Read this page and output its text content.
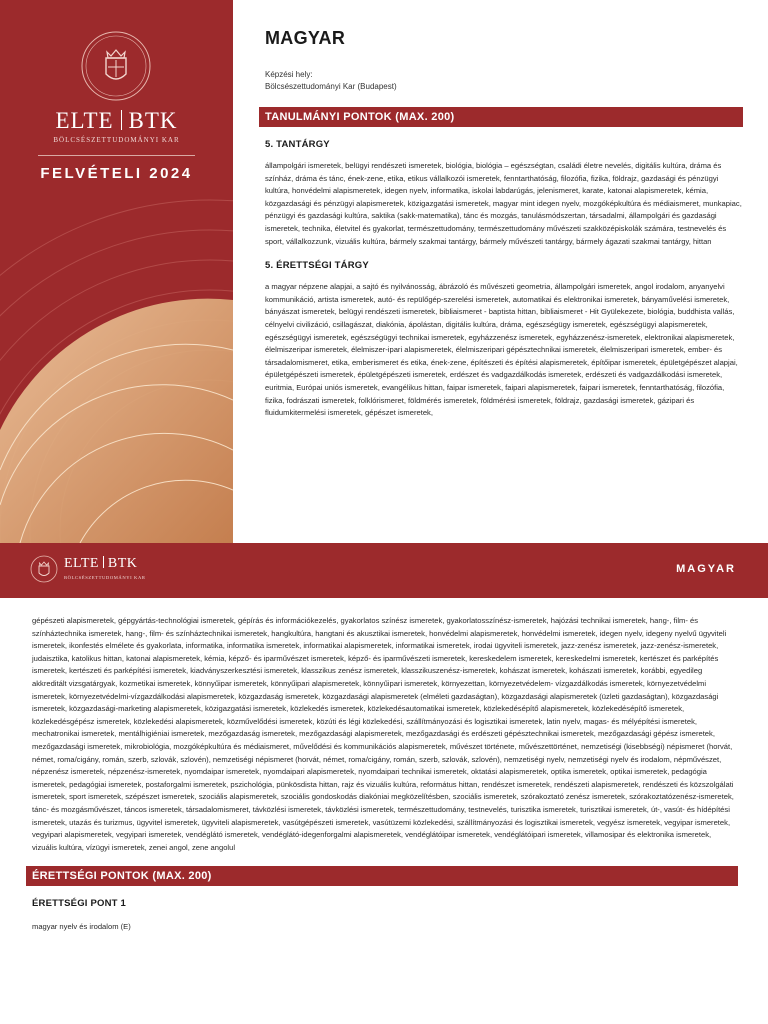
ELTE BTK
BÖLCSÉSZETTUDOMÁNYI KAR
FELVÉTELI 2024
MAGYAR
Képzési hely:
Bölcsészettudományi Kar (Budapest)
TANULMÁNYI PONTOK (MAX. 200)
5. TANTÁRGY

állampolgári ismeretek, belügyi rendészeti ismeretek, biológia, biológia – egészségtan, családi életre nevelés, digitális kultúra, dráma és színház, dráma és tánc, ének-zene, etika, etikus vállalkozói ismeretek, fenntarthatóság, filozófia, fizika, földrajz, gazdasági és pénzügyi kultúra, honvédelmi alapismeretek, idegen nyelv, informatika, iskolai labdarúgás, jelenismeret, karate, katonai alapismeretek, kémia, közgazdasági és pénzügyi alapismeretek, közigazgatási ismeretek, magyar mint idegen nyelv, mozgóképkultúra és médiaismeret, munkapiac, pénzügyi és gazdasági kultúra, saktika (sakk-matematika), tánc és mozgás, tanulásmódszertan, társadalmi, állampolgári és gazdasági ismeretek, technika, életvitel és gyakorlat, természettudomány, természettudomány művészeti szakközépiskolák számára, testnevelés és sport, vállalkozzunk, vizuális kultúra, bármely szakmai tantárgy, bármely művészeti tantárgy, bármely ágazati szakmai tantárgy, hittan

5. ÉRETTSÉGI TÁRGY

a magyar népzene alapjai, a sajtó és nyilvánosság, ábrázoló és művészeti geometria, állampolgári ismeretek, angol irodalom, anyanyelvi kommunikáció, artista ismeretek, autó- és repülőgép-szerelési ismeretek, automatikai és elektronikai ismeretek, bányaművelési ismeretek, bányászat ismeretek, belügyi rendészeti ismeretek, bibliaismeret - baptista hittan, bibliaismeret - Hit Gyülekezete, biológia, buddhista vallás, célnyelvi civilizáció, csillagászat, diakónia, ápolástan, digitális kultúra, dráma, egészségügy ismeretek, egészségügyi alapismeretek, egészségügyi ismeretek, egészségügyi technikai ismeretek, egyházzenész ismeretek, egyházzenész-ismeretek, elektronikai alapismeretek, élelmiszeripar ismeretek, élelmiszer-ipari alapismeretek, élelmiszeripari gépésztechnikai ismeretek, élelmiszeripari ismeretek, ember- és társadalomismeret, etika, emberismeret és etika, ének-zene, építészeti és építési alapismeretek, építőipar ismeretek, épületgépészet alapjai, épületgépészeti ismeretek, épületgépészeti ismeretek, erdészet és vadgazdálkodás ismeretek, erdészeti és vadgazdálkodási ismeretek, euritmia, Európai uniós ismeretek, evangélikus hittan, faipar ismeretek, faipari alapismeretek, faipari ismeretek, fenntarthatóság, filozófia, fizika, fodrászati ismeretek, folklórismeret, földmérés ismeretek, földmérési ismeretek, földrajz, gazdasági ismeretek, gázipari és fluidumkitermelési ismeretek, gépészet ismeretek,

ELTE BTK
BÖLCSÉSZETTUDOMÁNYI KAR
MAGYAR

gépészeti alapismeretek, gépgyártás-technológiai ismeretek, gépírás és információkezelés, gyakorlatos színész ismeretek, gyakorlatosszínész-ismeretek, hajózási technikai ismeretek, hang-, film- és színháztechnika ismeretek, hang-, film- és színháztechnikai ismeretek, hangkultúra, hangtani és akusztikai ismeretek, honvédelmi alapismeretek, honvédelmi ismeretek, idegen nyelv, idegeny nyelvű ügyviteli ismeretek, ikonfestés elmélete és gyakorlata, informatika, informatika ismeretek, informatikai alapismeretek, informatikai ismeretek, irodai ügyviteli ismeretek, jazz-zenész ismeretek, jazz-zenész-ismeretek, judaisztika, katolikus hittan, katonai alapismeretek, kémia, képző- és iparművészet ismeretek, képző- és iparművészeti ismeretek, kereskedelem ismeretek, kereskedelmi ismeretek, kertészet és parképítés ismeretek, kertészeti és parképítési ismeretek, kiadványszerkesztési ismeretek, klasszikus zenész ismeretek, klasszikuszenész-ismeretek, kohászat ismeretek, kohászati ismeretek, korábbi, egyedileg akkreditált vizsgatárgyak, kozmetikai ismeretek, könnyűipar ismeretek, könnyűipari alapismeretek, könnyűipari ismeretek, környezettan, környezetvédelem- vízgazdálkodás ismeretek, környezetvédelmi ismeretek, környezetvédelmi-vízgazdálkodási alapismeretek, közgazdaság ismeretek, közgazdasági alapismeretek (elméleti gazdaságtan), közgazdasági alapismeretek (üzleti gazdaságtan), közgazdasági ismeretek, közgazdasági-marketing alapismeretek, közigazgatási ismeretek, közlekedés ismeretek, közlekedésautomatikai ismeretek, közlekedésépítő alapismeretek, közlekedésépítő ismeretek, közlekedésgépész ismeretek, közlekedési alapismeretek, közművelődési ismeretek, közúti és légi közlekedési, szállítmányozási és logisztikai ismeretek, latin nyelv, magas- és mélyépítési ismeretek, mechatronikai ismeretek, mentálhigiéniai ismeretek, mezőgazdaság ismeretek, mezőgazdasági alapismeretek, mezőgazdasági és erdészeti gépésztechnikai ismeretek, mezőgazdasági gépész ismeretek, mezőgazdasági ismeretek, mikrobiológia, mozgóképkultúra és médiaismeret, művelődési és kommunikációs alapismeretek, művészet története, művészettörténet, nemzetiségi (kisebbségi) népismeret (horvát, német, roma/cigány, román, szerb, szlovák, szlovén), nemzetiségi népismeret (horvát, német, roma/cigány, román, szerb, szlovák, szlovén), nemzetiségi nyelv, nemzetiségi nyelv és irodalom, népművészet, népzenész ismeretek, népzenész-ismeretek, nyomdaipar ismeretek, nyomdaipari alapismeretek, nyomdaipari technikai ismeretek, oktatási alapismeretek, optika ismeretek, optikai ismeretek, pedagógia ismeretek, pedagógiai ismeretek, postaforgalmi ismeretek, pszichológia, pünkösdista hittan, rajz és vizuális kultúra, református hittan, rendészet ismeretek, rendészeti alapismeretek, rendészeti és közszolgálati ismeretek, sport ismeretek, szépészet ismeretek, szociális alapismeretek, szociális gondoskodás diakóniai megközelítésben, szociális ismeretek, szórakoztató zenész ismeretek, szórakoztatózenész-ismeretek, tánc- és mozgásművészet, táncos ismeretek, társadalomismeret, távközlési ismeretek, távközlési ismeretek, természettudomány, testnevelés, turisztika ismeretek, turisztikai ismeretek, út-, vasút- és hídépítési ismeretek, utazás és turizmus, ügyvitel ismeretek, ügyviteli alapismeretek, vasútgépészeti ismeretek, vasútüzemi közlekedési, szállítmányozási és logisztikai ismeretek, vegyész ismeretek, vegyipar ismeretek, vegyipari alapismeretek, vegyipari ismeretek, vendéglátó ismeretek, vendéglátó-idegenforgalmi alapismeretek, vendéglátóipar ismeretek, vendéglátóipari ismeretek, villamosipar és elektronika ismeretek, vizuális kultúra, vízügyi ismeretek, zenei angol, zene angolul

ÉRETTSÉGI PONTOK (MAX. 200)
ÉRETTSÉGI PONT 1

magyar nyelv és irodalom (E)
